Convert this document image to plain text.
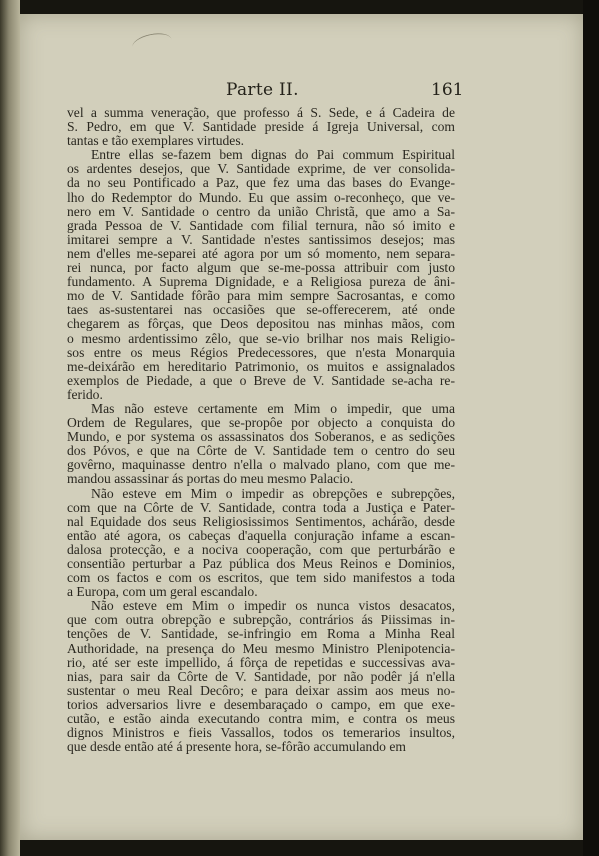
Parte II.	161
vel a summa veneração, que professo á S. Sede, e á Cadeira de
S. Pedro, em que V. Santidade preside á Igreja Universal, com
tantas e tão exemplares virtudes.
Entre ellas se-fazem bem dignas do Pai commum Espiritual
os ardentes desejos, que V. Santidade exprime, de ver consolida-
da no seu Pontificado a Paz, que fez uma das bases do Evange-
lho do Redemptor do Mundo. Eu que assim o-reconheço, que ve-
nero em V. Santidade o centro da união Christã, que amo a Sa-
grada Pessoa de V. Santidade com filial ternura, não só imito e
imitarei sempre a V. Santidade n'estes santissimos desejos; mas
nem d'elles me-separei até agora por um só momento, nem separa-
rei nunca, por facto algum que se-me-possa attribuir com justo
fundamento. A Suprema Dignidade, e a Religiosa pureza de âni-
mo de V. Santidade fôrão para mim sempre Sacrosantas, e como
taes as-sustentarei nas occasiões que se-offerecerem, até onde
chegarem as fôrças, que Deos depositou nas minhas mãos, com
o mesmo ardentissimo zêlo, que se-vio brilhar nos mais Religio-
sos entre os meus Régios Predecessores, que n'esta Monarquia
me-deixárão em hereditario Patrimonio, os muitos e assignalados
exemplos de Piedade, a que o Breve de V. Santidade se-acha re-
ferido.
Mas não esteve certamente em Mim o impedir, que uma
Ordem de Regulares, que se-propôe por objecto a conquista do
Mundo, e por systema os assassinatos dos Soberanos, e as sedições
dos Póvos, e que na Côrte de V. Santidade tem o centro do seu
govêrno, maquinasse dentro n'ella o malvado plano, com que me-
mandou assassinar ás portas do meu mesmo Palacio.
Não esteve em Mim o impedir as obrepções e subrepções,
com que na Côrte de V. Santidade, contra toda a Justiça e Pater-
nal Equidade dos seus Religiosissimos Sentimentos, achárão, desde
então até agora, os cabeças d'aquella conjuração infame a escan-
dalosa protecção, e a nociva cooperação, com que perturbárão e
consentião perturbar a Paz pública dos Meus Reinos e Dominios,
com os factos e com os escritos, que tem sido manifestos a toda
a Europa, com um geral escandalo.
Não esteve em Mim o impedir os nunca vistos desacatos,
que com outra obrepção e subrepção, contrários ás Piissimas in-
tenções de V. Santidade, se-infringio em Roma a Minha Real
Authoridade, na presença do Meu mesmo Ministro Plenipotencia-
rio, até ser este impellido, á fôrça de repetidas e successivas ava-
nias, para sair da Côrte de V. Santidade, por não podêr já n'ella
sustentar o meu Real Decôro; e para deixar assim aos meus no-
torios adversarios livre e desembaraçado o campo, em que exe-
cutão, e estão ainda executando contra mim, e contra os meus
dignos Ministros e fieis Vassallos, todos os temerarios insultos,
que desde então até á presente hora, se-fôrão accumulando em
